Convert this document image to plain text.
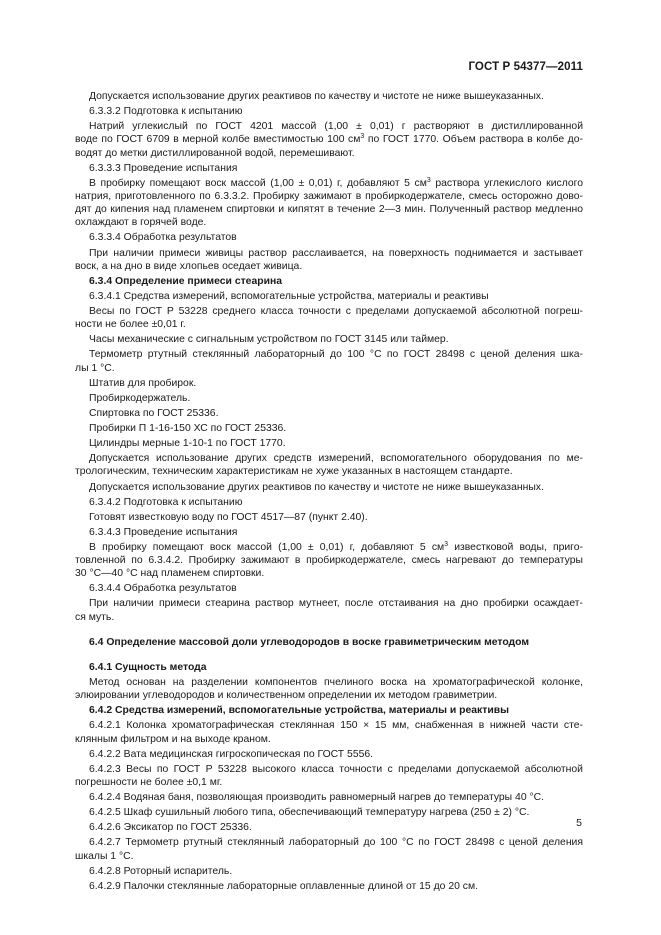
ГОСТ Р 54377—2011
Допускается использование других реактивов по качеству и чистоте не ниже вышеуказанных.
6.3.3.2 Подготовка к испытанию
Натрий углекислый по ГОСТ 4201 массой (1,00 ± 0,01) г растворяют в дистиллированной
воде по ГОСТ 6709 в мерной колбе вместимостью 100 $см^3$ по ГОСТ 1770. Объем раствора в колбе до-
водят до метки дистиллированной водой, перемешивают.
6.3.3.3 Проведение испытания
В пробирку помещают воск массой (1,00 ± 0,01) г, добавляют 5 $см^3$ раствора углекислого кислого
натрия, приготовленного по 6.3.3.2. Пробирку зажимают в пробиркодержателе, смесь осторожно дово-
дят до кипения над пламенем спиртовки и кипятят в течение 2—3 мин. Полученный раствор медленно
охлаждают в горячей воде.
6.3.3.4 Обработка результатов
При наличии примеси живицы раствор расслаивается, на поверхность поднимается и застывает
воск, а на дно в виде хлопьев оседает живица.
6.3.4 Определение примеси стеарина
6.3.4.1 Средства измерений, вспомогательные устройства, материалы и реактивы
Весы по ГОСТ Р 53228 среднего класса точности с пределами допускаемой абсолютной погреш-
ности не более ±0,01 г.
Часы механические с сигнальным устройством по ГОСТ 3145 или таймер.
Термометр ртутный стеклянный лабораторный до 100 °С по ГОСТ 28498 с ценой деления шка-
лы 1 °С.
Штатив для пробирок.
Пробиркодержатель.
Спиртовка по ГОСТ 25336.
Пробирки П 1-16-150 ХС по ГОСТ 25336.
Цилиндры мерные 1-10-1 по ГОСТ 1770.
Допускается использование других средств измерений, вспомогательного оборудования по ме-
трологическим, техническим характеристикам не хуже указанных в настоящем стандарте.
Допускается использование других реактивов по качеству и чистоте не ниже вышеуказанных.
6.3.4.2 Подготовка к испытанию
Готовят известковую воду по ГОСТ 4517—87 (пункт 2.40).
6.3.4.3 Проведение испытания
В пробирку помещают воск массой (1,00 ± 0,01) г, добавляют 5 $см^3$ известковой воды, приго-
товленной по 6.3.4.2. Пробирку зажимают в пробиркодержателе, смесь нагревают до температуры
30 °С—40 °С над пламенем спиртовки.
6.3.4.4 Обработка результатов
При наличии примеси стеарина раствор мутнеет, после отстаивания на дно пробирки осаждает-
ся муть.
6.4 Определение массовой доли углеводородов в воске гравиметрическим методом
6.4.1 Сущность метода
Метод основан на разделении компонентов пчелиного воска на хроматографической колонке,
элюировании углеводородов и количественном определении их методом гравиметрии.
6.4.2 Средства измерений, вспомогательные устройства, материалы и реактивы
6.4.2.1 Колонка хроматографическая стеклянная 150 × 15 мм, снабженная в нижней части сте-
клянным фильтром и на выходе краном.
6.4.2.2 Вата медицинская гигроскопическая по ГОСТ 5556.
6.4.2.3 Весы по ГОСТ Р 53228 высокого класса точности с пределами допускаемой абсолютной
погрешности не более ±0,1 мг.
6.4.2.4 Водяная баня, позволяющая производить равномерный нагрев до температуры 40 °С.
6.4.2.5 Шкаф сушильный любого типа, обеспечивающий температуру нагрева (250 ± 2) °С.
6.4.2.6 Эксикатор по ГОСТ 25336.
6.4.2.7 Термометр ртутный стеклянный лабораторный до 100 °С по ГОСТ 28498 с ценой деления
шкалы 1 °С.
6.4.2.8 Роторный испаритель.
6.4.2.9 Палочки стеклянные лабораторные оплавленные длиной от 15 до 20 см.
5
